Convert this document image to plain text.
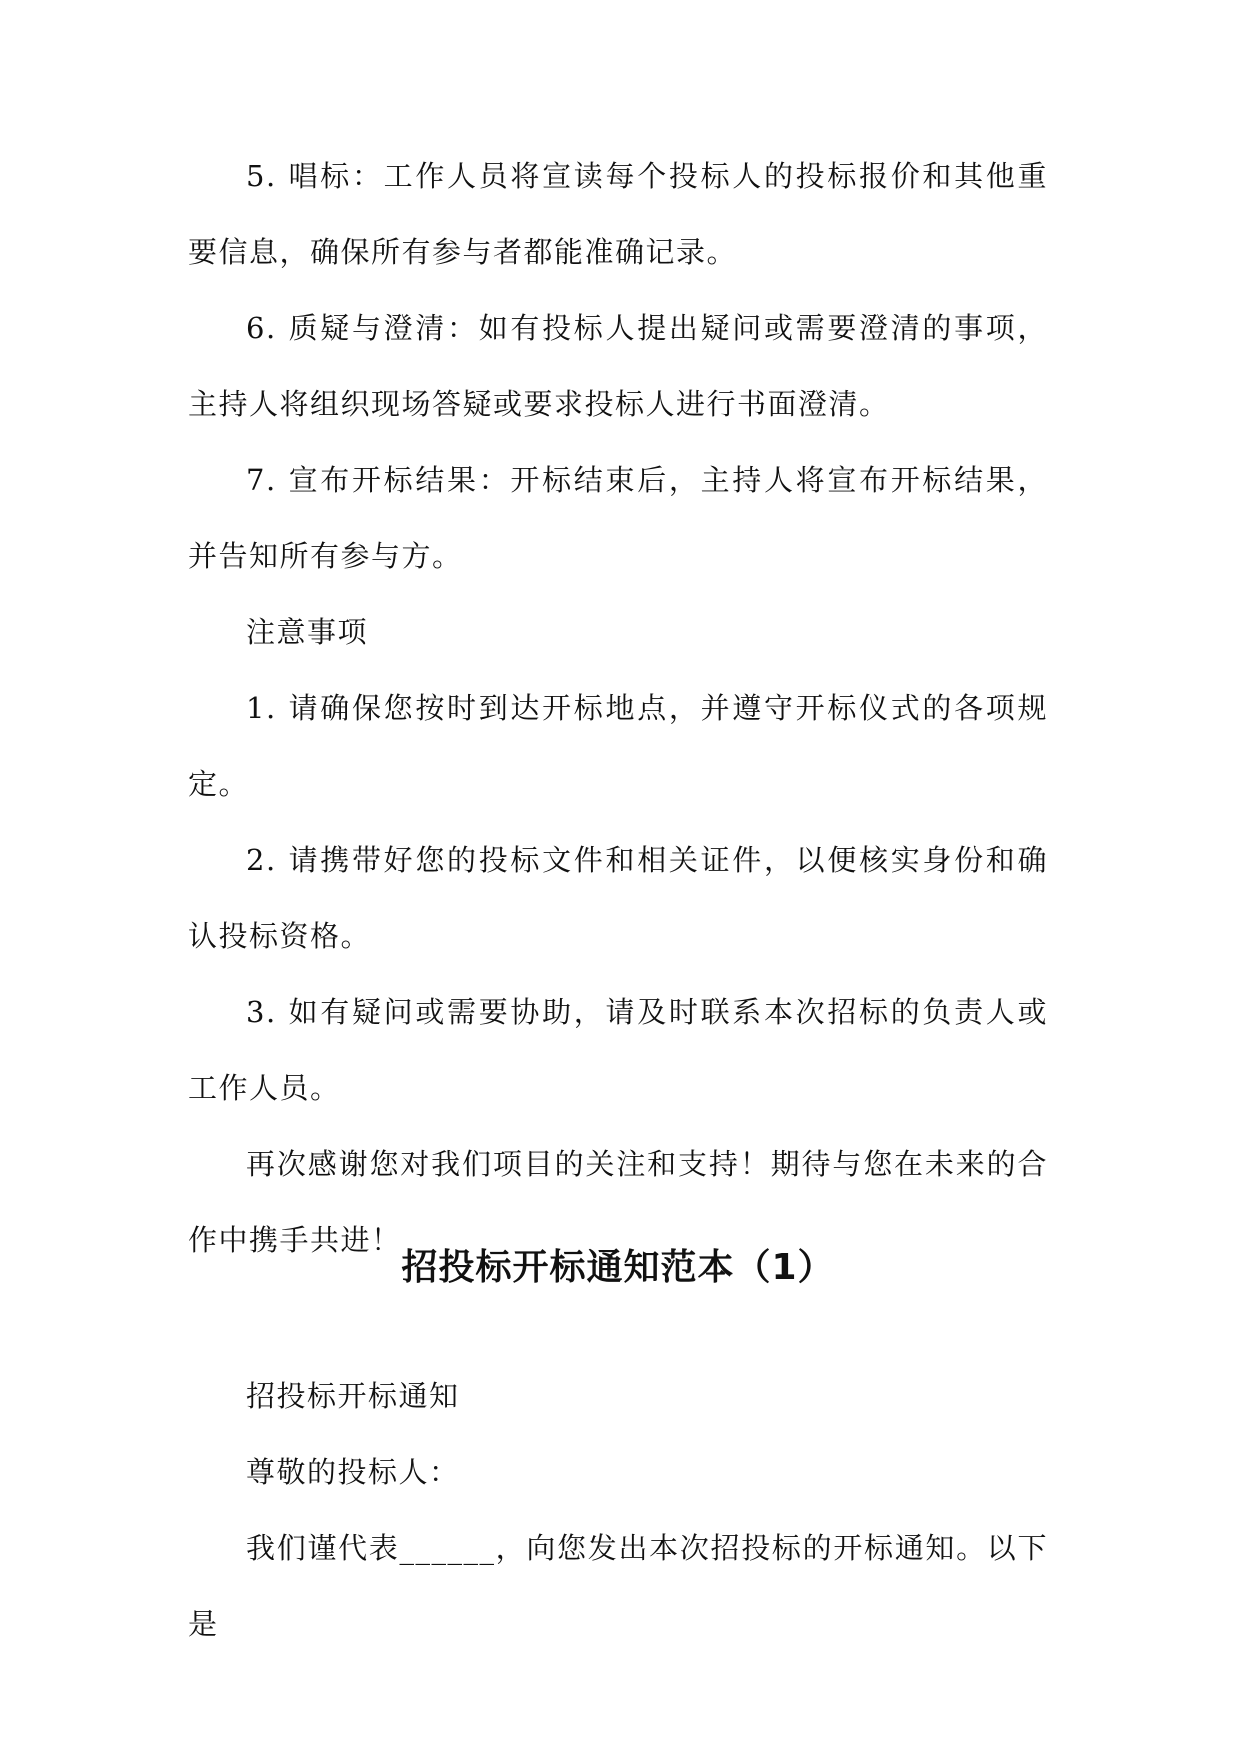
5. 唱标：工作人员将宣读每个投标人的投标报价和其他重要信息，确保所有参与者都能准确记录。

6. 质疑与澄清：如有投标人提出疑问或需要澄清的事项，主持人将组织现场答疑或要求投标人进行书面澄清。

7. 宣布开标结果：开标结束后，主持人将宣布开标结果，并告知所有参与方。

注意事项

1. 请确保您按时到达开标地点，并遵守开标仪式的各项规定。

2. 请携带好您的投标文件和相关证件，以便核实身份和确认投标资格。

3. 如有疑问或需要协助，请及时联系本次招标的负责人或工作人员。

再次感谢您对我们项目的关注和支持！期待与您在未来的合作中携手共进！

招投标开标通知范本（1）

招投标开标通知

尊敬的投标人：

我们谨代表______，向您发出本次招投标的开标通知。以下是
